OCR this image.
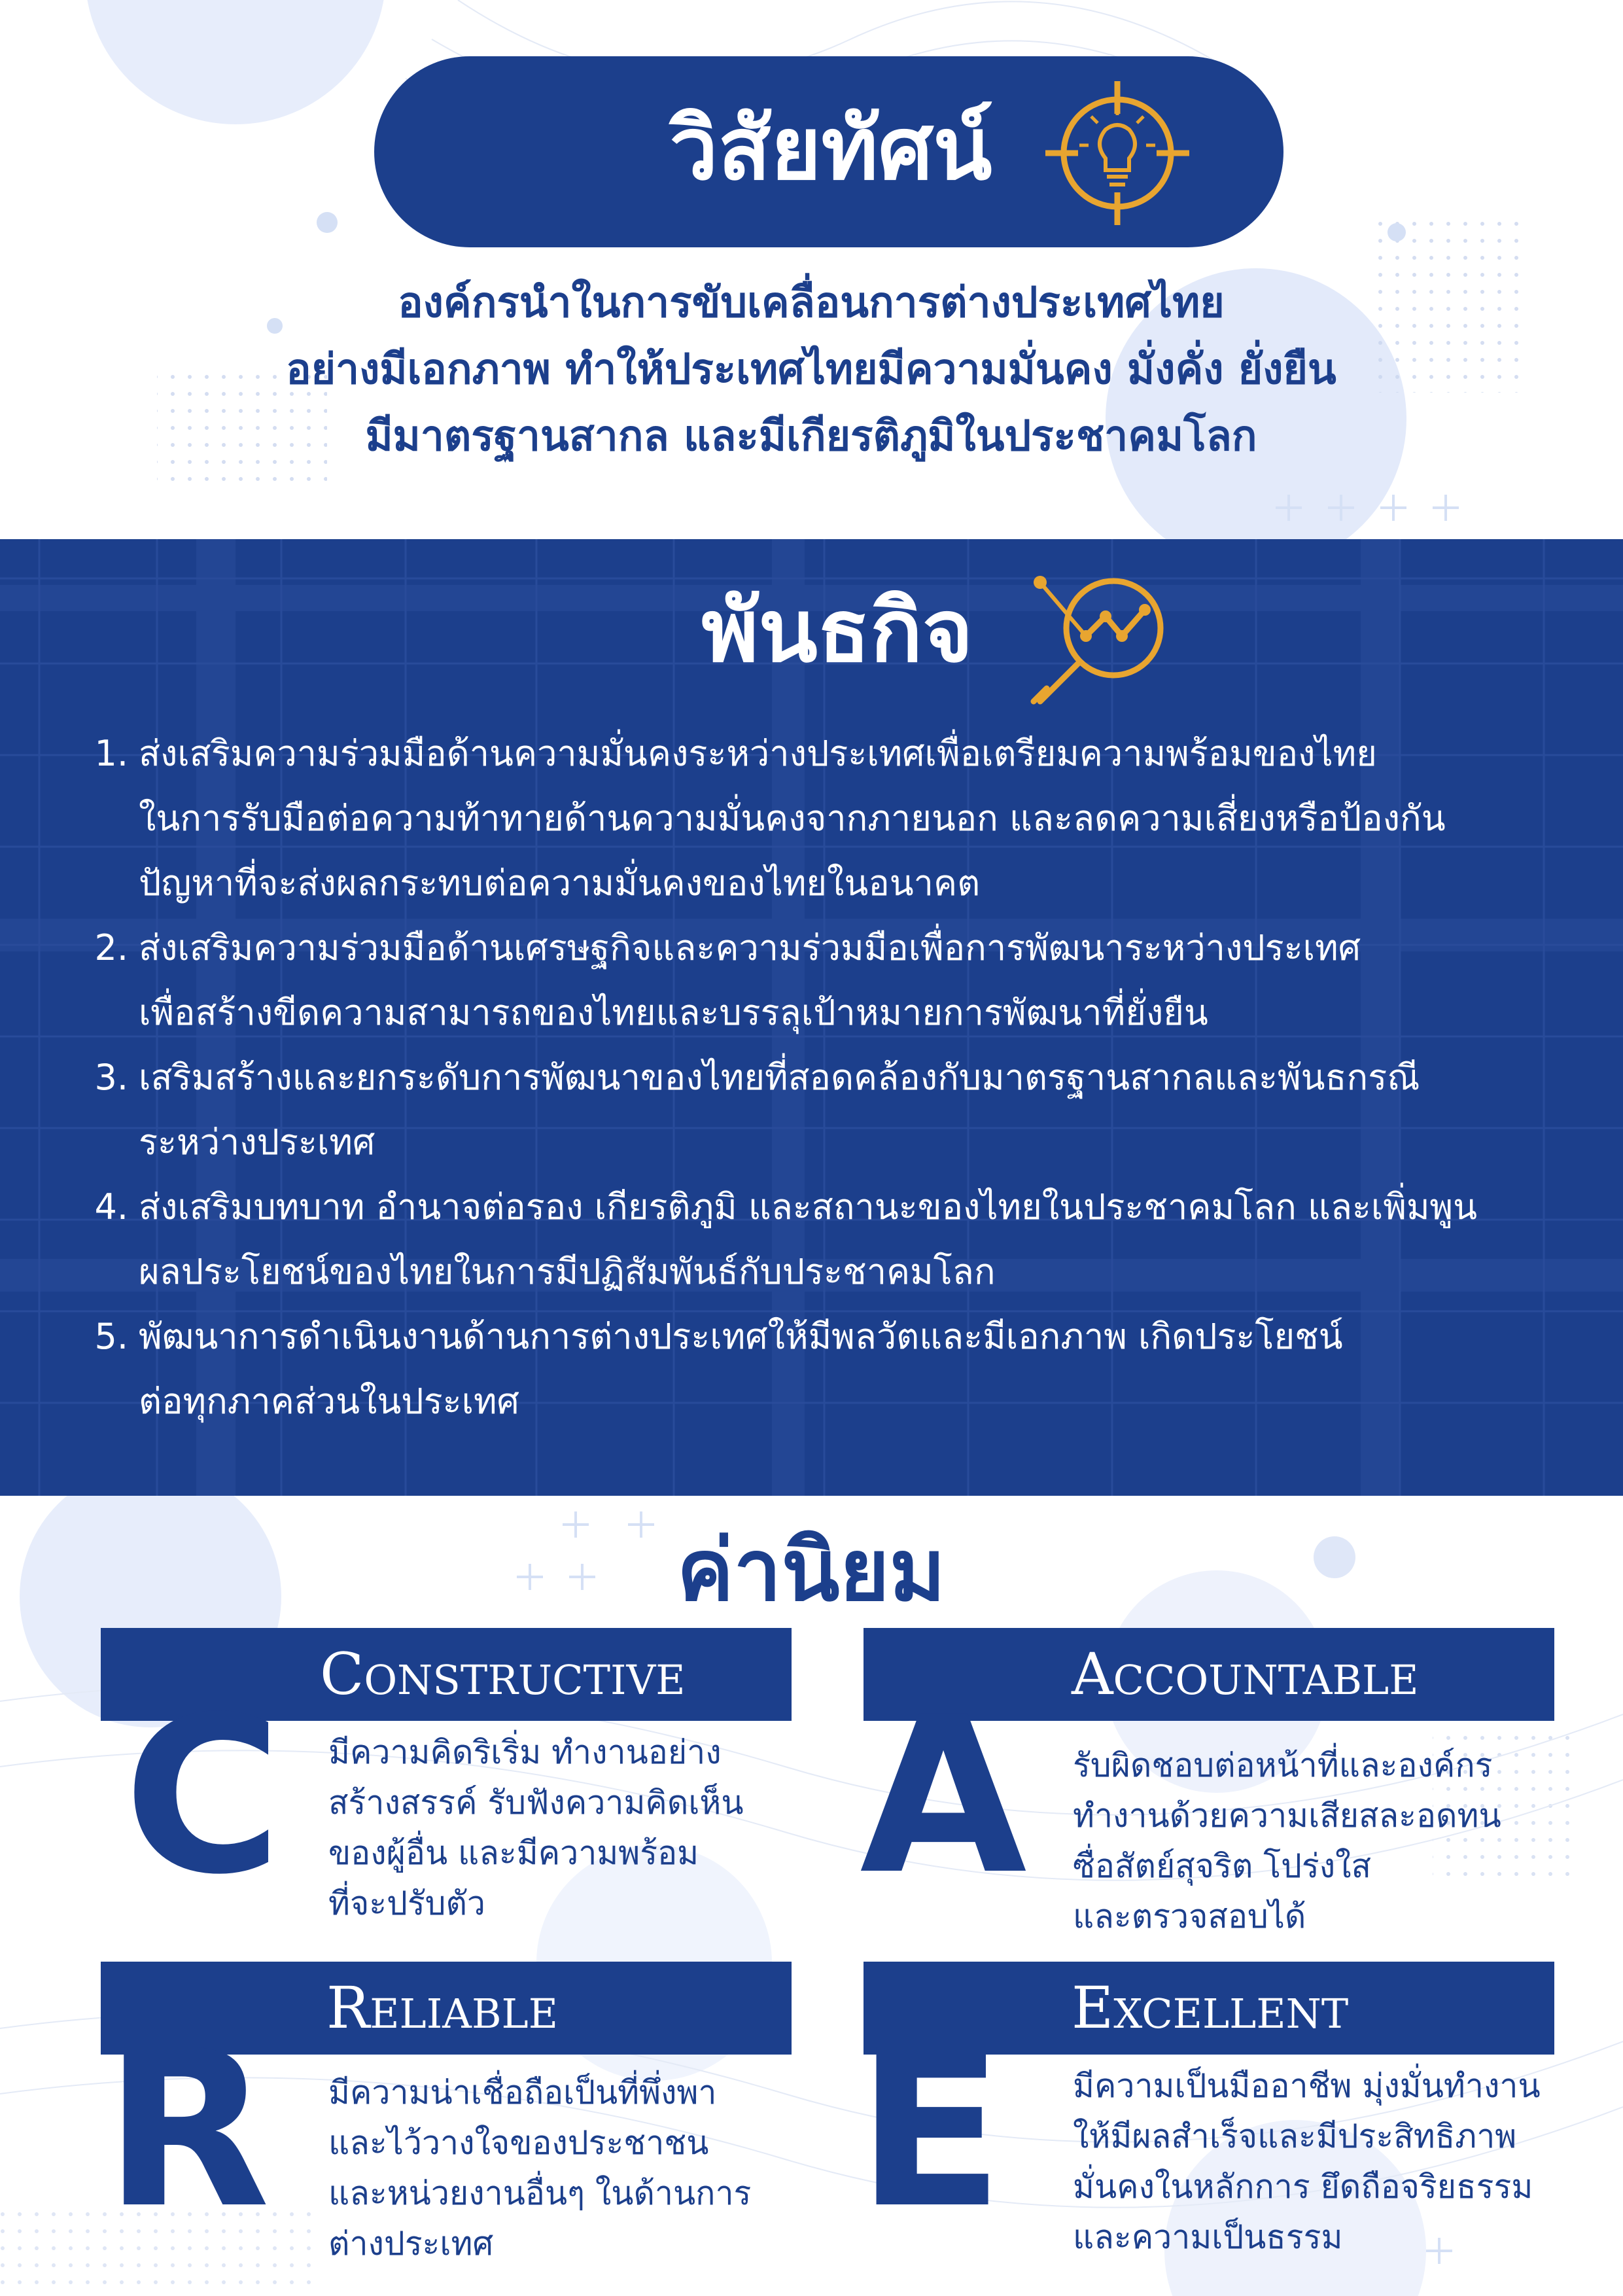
วิสัยทัศน์
องค์กรนำในการขับเคลื่อนการต่างประเทศไทย
อย่างมีเอกภาพ ทำให้ประเทศไทยมีความมั่นคง มั่งคั่ง ยั่งยืน
มีมาตรฐานสากล และมีเกียรติภูมิในประชาคมโลก
พันธกิจ
1. ส่งเสริมความร่วมมือด้านความมั่นคงระหว่างประเทศเพื่อเตรียมความพร้อมของไทย
ในการรับมือต่อความท้าทายด้านความมั่นคงจากภายนอก และลดความเสี่ยงหรือป้องกัน
ปัญหาที่จะส่งผลกระทบต่อความมั่นคงของไทยในอนาคต
2. ส่งเสริมความร่วมมือด้านเศรษฐกิจและความร่วมมือเพื่อการพัฒนาระหว่างประเทศ
เพื่อสร้างขีดความสามารถของไทยและบรรลุเป้าหมายการพัฒนาที่ยั่งยืน
3. เสริมสร้างและยกระดับการพัฒนาของไทยที่สอดคล้องกับมาตรฐานสากลและพันธกรณี
ระหว่างประเทศ
4. ส่งเสริมบทบาท อำนาจต่อรอง เกียรติภูมิ และสถานะของไทยในประชาคมโลก และเพิ่มพูน
ผลประโยชน์ของไทยในการมีปฏิสัมพันธ์กับประชาคมโลก
5. พัฒนาการดำเนินงานด้านการต่างประเทศให้มีพลวัตและมีเอกภาพ เกิดประโยชน์
ต่อทุกภาคส่วนในประเทศ
ค่านิยม
Constructive
C มีความคิดริเริ่ม ทำงานอย่าง
สร้างสรรค์ รับฟังความคิดเห็น
ของผู้อื่น และมีความพร้อม
ที่จะปรับตัว
Accountable
A รับผิดชอบต่อหน้าที่และองค์กร
ทำงานด้วยความเสียสละอดทน
ซื่อสัตย์สุจริต โปร่งใส
และตรวจสอบได้
Reliable
R มีความน่าเชื่อถือเป็นที่พึ่งพา
และไว้วางใจของประชาชน
และหน่วยงานอื่นๆ ในด้านการ
ต่างประเทศ
Excellent
E	มีความเป็นมืออาชีพ มุ่งมั่นทำงาน
ให้มีผลสำเร็จและมีประสิทธิภาพ
มั่นคงในหลักการ ยึดถือจริยธรรม
และความเป็นธรรม
